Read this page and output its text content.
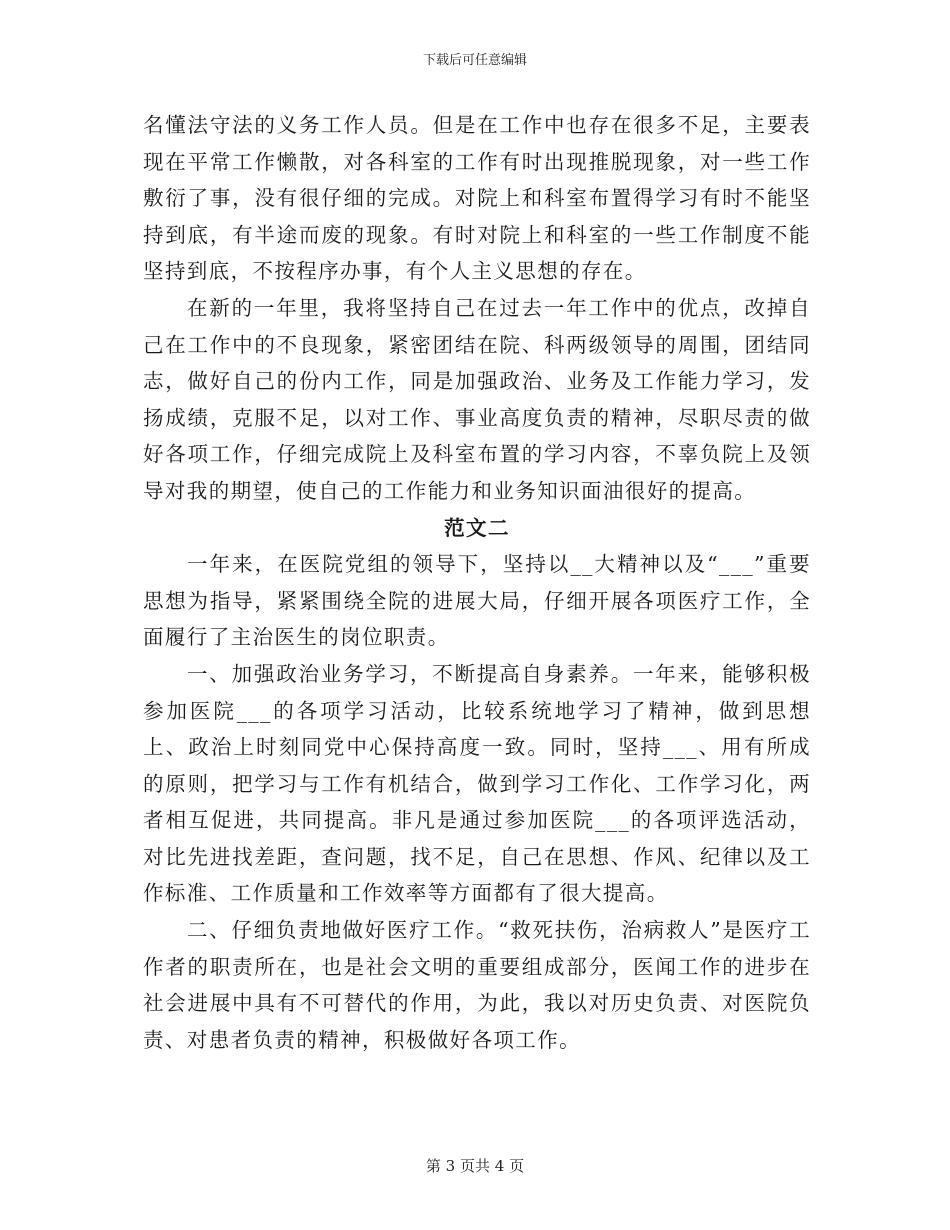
下载后可任意编辑

名懂法守法的义务工作人员。但是在工作中也存在很多不足，主要表现在平常工作懒散，对各科室的工作有时出现推脱现象，对一些工作敷衍了事，没有很仔细的完成。对院上和科室布置得学习有时不能坚持到底，有半途而废的现象。有时对院上和科室的一些工作制度不能坚持到底，不按程序办事，有个人主义思想的存在。

在新的一年里，我将坚持自己在过去一年工作中的优点，改掉自己在工作中的不良现象，紧密团结在院、科两级领导的周围，团结同志，做好自己的份内工作，同是加强政治、业务及工作能力学习，发扬成绩，克服不足，以对工作、事业高度负责的精神，尽职尽责的做好各项工作，仔细完成院上及科室布置的学习内容，不辜负院上及领导对我的期望，使自己的工作能力和业务知识面油很好的提高。

范文二

一年来，在医院党组的领导下，坚持以__大精神以及“___”重要思想为指导，紧紧围绕全院的进展大局，仔细开展各项医疗工作，全面履行了主治医生的岗位职责。

一、加强政治业务学习，不断提高自身素养。一年来，能够积极参加医院___的各项学习活动，比较系统地学习了精神，做到思想上、政治上时刻同党中心保持高度一致。同时，坚持___、用有所成的原则，把学习与工作有机结合，做到学习工作化、工作学习化，两者相互促进，共同提高。非凡是通过参加医院___的各项评选活动，对比先进找差距，查问题，找不足，自己在思想、作风、纪律以及工作标准、工作质量和工作效率等方面都有了很大提高。

二、仔细负责地做好医疗工作。“救死扶伤，治病救人”是医疗工作者的职责所在，也是社会文明的重要组成部分，医闻工作的进步在社会进展中具有不可替代的作用，为此，我以对历史负责、对医院负责、对患者负责的精神，积极做好各项工作。

第 3 页共 4 页
